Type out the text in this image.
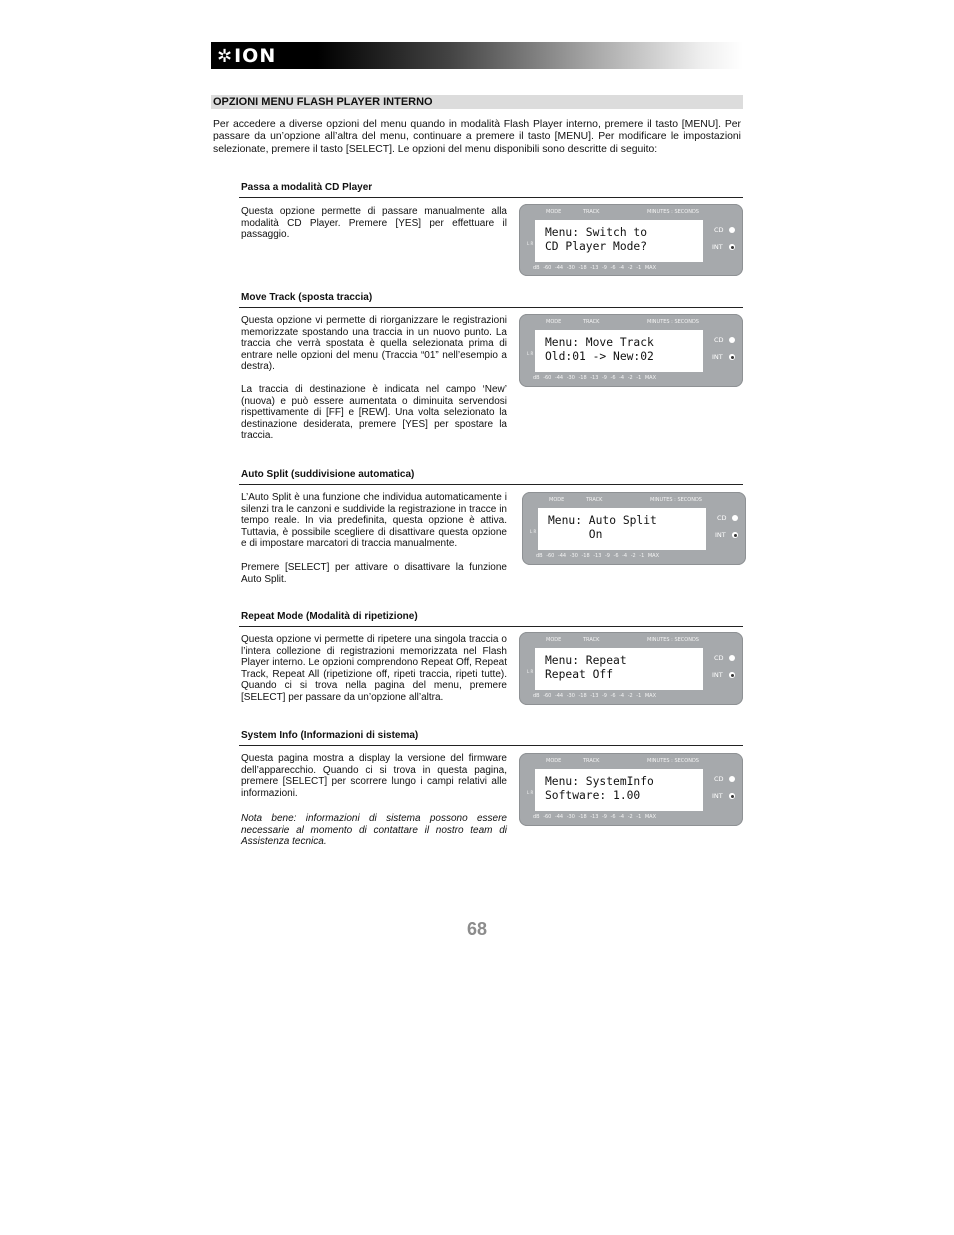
✲ ION
OPZIONI MENU FLASH PLAYER INTERNO
Per accedere a diverse opzioni del menu quando in modalità Flash Player interno, premere il tasto [MENU]. Per passare da un’opzione all’altra del menu, continuare a premere il tasto [MENU]. Per modificare le impostazioni selezionate, premere il tasto [SELECT]. Le opzioni del menu disponibili sono descritte di seguito:
Passa a modalità CD Player
Questa opzione permette di passare manualmente alla modalità CD Player. Premere [YES] per effettuare il passaggio.
MODE	TRACK	MINUTES : SECONDS
L R
Menu: Switch to
CD Player Mode?
CD
INT
dB -60 -44 -30 -18 -13 -9 -6 -4 -2 -1 MAX
Move Track (sposta traccia)
Questa opzione vi permette di riorganizzare le registrazioni memorizzate spostando una traccia in un nuovo punto. La traccia che verrà spostata è quella selezionata prima di entrare nelle opzioni del menu (Traccia “01” nell’esempio a destra).
La traccia di destinazione è indicata nel campo ‘New’ (nuova) e può essere aumentata o diminuita servendosi rispettivamente di [FF] e [REW]. Una volta selezionato la destinazione desiderata, premere [YES] per spostare la traccia.
MODE	TRACK	MINUTES : SECONDS
L R
Menu: Move Track
Old:01 -> New:02
CD
INT
dB -60 -44 -30 -18 -13 -9 -6 -4 -2 -1 MAX
Auto Split (suddivisione automatica)
L’Auto Split è una funzione che individua automaticamente i silenzi tra le canzoni e suddivide la registrazione in tracce in tempo reale. In via predefinita, questa opzione è attiva. Tuttavia, è possibile scegliere di disattivare questa opzione e di impostare marcatori di traccia manualmente.
Premere [SELECT] per attivare o disattivare la funzione Auto Split.
MODE	TRACK	MINUTES : SECONDS
L R
Menu: Auto Split
On
CD
INT
dB -60 -44 -30 -18 -13 -9 -6 -4 -2 -1 MAX
Repeat Mode (Modalità di ripetizione)
Questa opzione vi permette di ripetere una singola traccia o l’intera collezione di registrazioni memorizzata nel Flash Player interno. Le opzioni comprendono Repeat Off, Repeat Track, Repeat All (ripetizione off, ripeti traccia, ripeti tutte). Quando ci si trova nella pagina del menu, premere [SELECT] per passare da un’opzione all’altra.
MODE	TRACK	MINUTES : SECONDS
L R
Menu: Repeat
Repeat Off
CD
INT
dB -60 -44 -30 -18 -13 -9 -6 -4 -2 -1 MAX
System Info (Informazioni di sistema)
Questa pagina mostra a display la versione del firmware dell’apparecchio. Quando ci si trova in questa pagina, premere [SELECT] per scorrere lungo i campi relativi alle informazioni.
Nota bene: informazioni di sistema possono essere necessarie al momento di contattare il nostro team di Assistenza tecnica.
MODE	TRACK	MINUTES : SECONDS
L R
Menu: SystemInfo
Software: 1.00
CD
INT
dB -60 -44 -30 -18 -13 -9 -6 -4 -2 -1 MAX
68
